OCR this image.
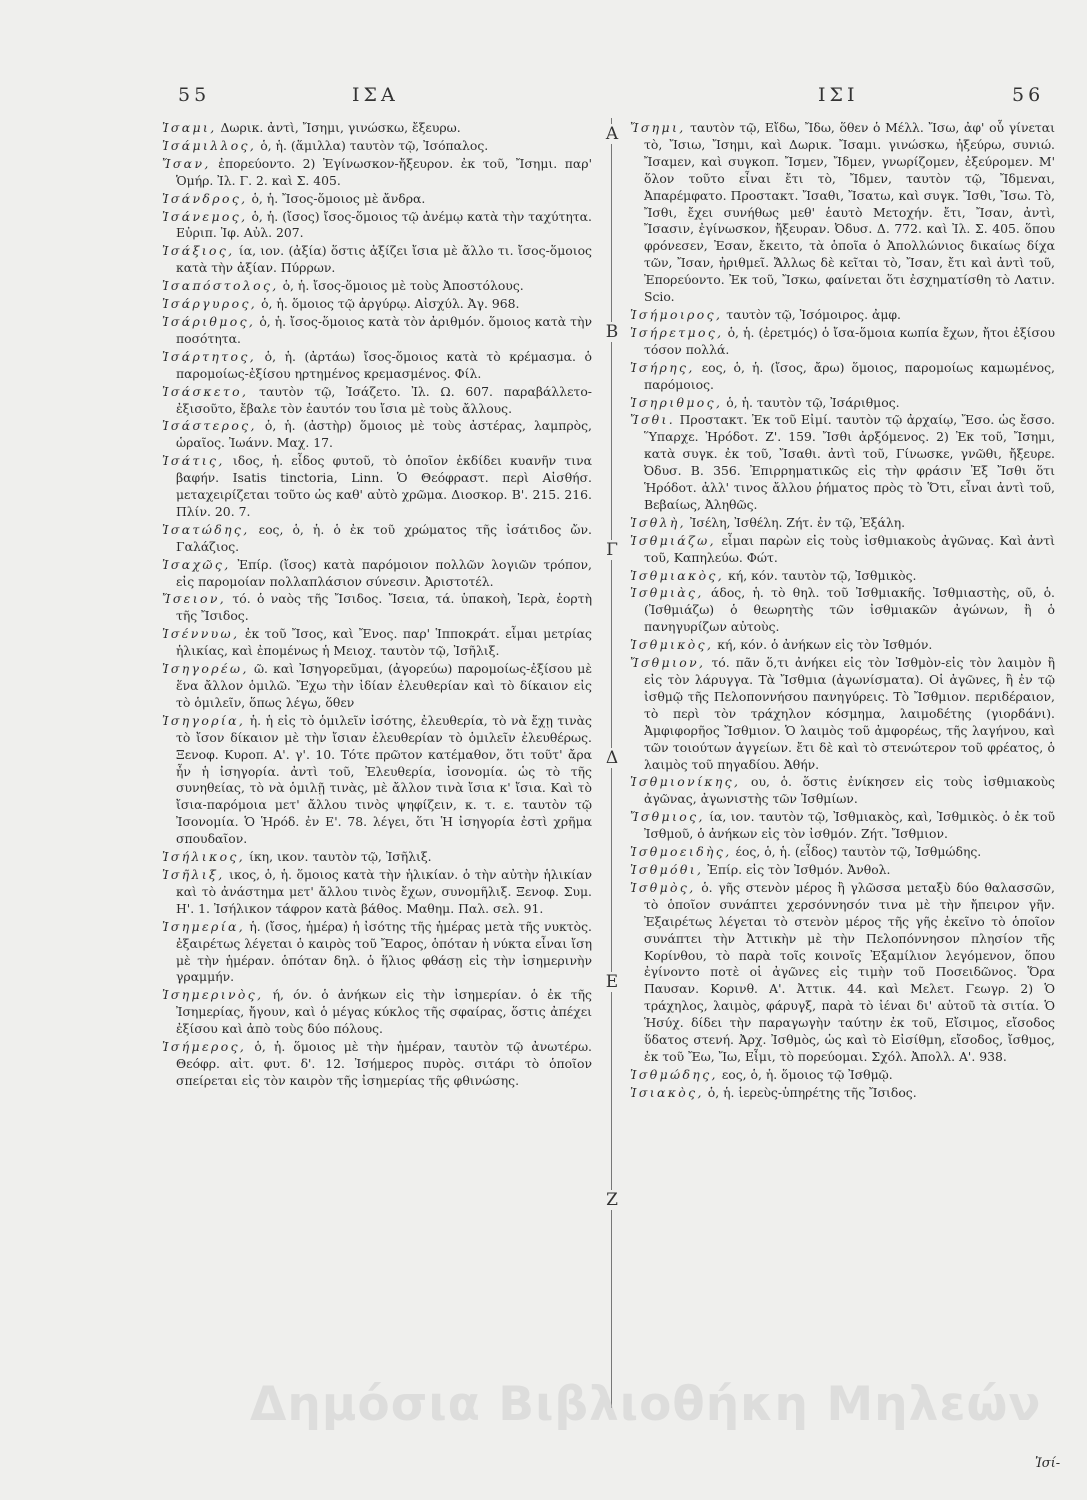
55	ΙΣΑ	ΙΣΙ	56
Α
Β
Γ
Δ
Ε
Ζ

Ἰσαμι, Δωρικ. ἀντὶ, Ἴσημι, γινώσκω, ἔξευρω.

Ἰσάμιλλος, ὁ, ἡ. (ἅμιλλα) ταυτὸν τῷ, Ἰσόπαλος.

Ἴσαν, ἐπορεύοντο. 2) Ἐγίνωσκον-ἤξευρον. ἐκ τοῦ, Ἴσημι. παρ' Ὁμήρ. Ἰλ. Γ. 2. καὶ Σ. 405.

Ἰσάνδρος, ὁ, ἡ. Ἴσος-ὅμοιος μὲ ἄνδρα.

Ἰσάνεμος, ὁ, ἡ. (ἴσος) ἴσος-ὅμοιος τῷ ἀνέμῳ κατὰ τὴν ταχύτητα. Εὐριπ. Ἰφ. Αὐλ. 207.

Ἰσάξιος, ία, ιον. (ἀξία) ὅστις ἀξίζει ἴσια μὲ ἄλλο τι. ἴσος-ὅμοιος κατὰ τὴν ἀξίαν. Πύρρων.

Ἰσαπόστολος, ὁ, ἡ. ἴσος-ὅμοιος μὲ τοὺς Ἀποστόλους.

Ἰσάργυρος, ὁ, ἡ. ὅμοιος τῷ ἀργύρῳ. Αἰσχύλ. Ἀγ. 968.

Ἰσάριθμος, ὁ, ἡ. ἴσος-ὅμοιος κατὰ τὸν ἀριθμόν. ὅμοιος κατὰ τὴν ποσότητα.

Ἰσάρτητος, ὁ, ἡ. (ἀρτάω) ἴσος-ὅμοιος κατὰ τὸ κρέμασμα. ὁ παρομοίως-ἐξίσου ηρτημένος κρεμασμένος. Φίλ.

Ἰσάσκετο, ταυτὸν τῷ, Ἰσάζετο. Ἰλ. Ω. 607. παραβάλλετο-ἐξισοῦτο, ἔβαλε τὸν ἑαυτόν του ἴσια μὲ τοὺς ἄλλους.

Ἰσάστερος, ὁ, ἡ. (ἀστὴρ) ὅμοιος μὲ τοὺς ἀστέρας, λαμπρὸς, ὡραῖος. Ἰωάνν. Μαχ. 17.

Ἰσάτις, ιδος, ἡ. εἶδος φυτοῦ, τὸ ὁποῖον ἐκδίδει κυανῆν τινα βαφήν. Isatis tinctoria, Linn. Ὁ Θεόφραστ. περὶ Αἰσθήσ. μεταχειρίζεται τοῦτο ὡς καθ' αὐτὸ χρῶμα. Διοσκορ. Β'. 215. 216. Πλίν. 20. 7.

Ἰσατώδης, εος, ὁ, ἡ. ὁ ἐκ τοῦ χρώματος τῆς ἰσάτιδος ὤν. Γαλάζιος.

Ἰσαχῶς, Ἐπίρ. (ἴσος) κατὰ παρόμοιον πολλῶν λογιῶν τρόπον, εἰς παρομοίαν πολλαπλάσιον σύνεσιν. Ἀριστοτέλ.

Ἴσειον, τό. ὁ ναὸς τῆς Ἴσιδος. Ἴσεια, τά. ὑπακοὴ, Ἱερὰ, ἑορτὴ τῆς Ἴσιδος.

Ἰσέννυω, ἐκ τοῦ Ἴσος, καὶ Ἔνος. παρ' Ἱπποκράτ. εἶμαι μετρίας ἡλικίας, καὶ ἐπομένως ἡ Μειοχ. ταυτὸν τῷ, Ἰσῆλιξ.

Ἰσηγορέω, ῶ. καὶ Ἰσηγορεῦμαι, (ἀγορεύω) παρομοίως-ἐξίσου μὲ ἕνα ἄλλον ὁμιλῶ. Ἔχω τὴν ἰδίαν ἐλευθερίαν καὶ τὸ δίκαιον εἰς τὸ ὁμιλεῖν, ὅπως λέγω, ὅθεν

Ἰσηγορία, ἡ. ἡ εἰς τὸ ὁμιλεῖν ἰσότης, ἐλευθερία, τὸ νὰ ἔχῃ τινὰς τὸ ἴσον δίκαιον μὲ τὴν ἴσιαν ἐλευθερίαν τὸ ὁμιλεῖν ἐλευθέρως. Ξενοφ. Κυροπ. Α'. γ'. 10. Τότε πρῶτον κατέμαθον, ὅτι τοῦτ' ἄρα ἦν ἡ ἰσηγορία. ἀντὶ τοῦ, Ἐλευθερία, ἰσονομία. ὡς τὸ τῆς συνηθείας, τὸ νὰ ὁμιλῇ τινὰς, μὲ ἄλλον τινὰ ἴσια κ' ἴσια. Καὶ τὸ ἴσια-παρόμοια μετ' ἄλλου τινὸς ψηφίζειν, κ. τ. ε. ταυτὸν τῷ Ἰσονομία. Ὁ Ἡρόδ. ἐν Ε'. 78. λέγει, ὅτι Ἡ ἰσηγορία ἐστὶ χρῆμα σπουδαῖον.

Ἰσήλικος, ίκη, ικον. ταυτὸν τῷ, Ἰσῆλιξ.

Ἰσῆλιξ, ικος, ὁ, ἡ. ὅμοιος κατὰ τὴν ἡλικίαν. ὁ τὴν αὐτὴν ἡλικίαν καὶ τὸ ἀνάστημα μετ' ἄλλου τινὸς ἔχων, συνομῆλιξ. Ξενοφ. Συμ. Η'. 1. Ἰσήλικον τάφρον κατὰ βάθος. Μαθημ. Παλ. σελ. 91.

Ἰσημερία, ἡ. (ἴσος, ἡμέρα) ἡ ἰσότης τῆς ἡμέρας μετὰ τῆς νυκτὸς. ἐξαιρέτως λέγεται ὁ καιρὸς τοῦ Ἔαρος, ὁπόταν ἡ νύκτα εἶναι ἴση μὲ τὴν ἡμέραν. ὁπόταν δηλ. ὁ ἥλιος φθάσῃ εἰς τὴν ἰσημερινὴν γραμμήν.

Ἰσημερινὸς, ή, όν. ὁ ἀνήκων εἰς τὴν ἰσημερίαν. ὁ ἐκ τῆς Ἰσημερίας, ἤγουν, καὶ ὁ μέγας κύκλος τῆς σφαίρας, ὅστις ἀπέχει ἐξίσου καὶ ἀπὸ τοὺς δύο πόλους.

Ἰσήμερος, ὁ, ἡ. ὅμοιος μὲ τὴν ἡμέραν, ταυτὸν τῷ ἀνωτέρω. Θεόφρ. αἰτ. φυτ. δ'. 12. Ἰσήμερος πυρὸς. σιτάρι τὸ ὁποῖον σπείρεται εἰς τὸν καιρὸν τῆς ἰσημερίας τῆς φθινώσης.

Ἴσημι, ταυτὸν τῷ, Εἴδω, Ἴδω, ὅθεν ὁ Μέλλ. Ἴσω, ἀφ' οὗ γίνεται τὸ, Ἴσιω, Ἴσημι, καὶ Δωρικ. Ἴσαμι. γινώσκω, ἠξεύρω, συνιώ. Ἴσαμεν, καὶ συγκοπ. Ἴσμεν, Ἴδμεν, γνωρίζομεν, ἐξεύρομεν. Μ' ὅλον τοῦτο εἶναι ἔτι τὸ, Ἴδμεν, ταυτὸν τῷ, Ἴδμεναι, Ἀπαρέμφατο. Προστακτ. Ἴσαθι, Ἴσατω, καὶ συγκ. Ἴσθι, Ἴσω. Τὸ, Ἴσθι, ἔχει συνήθως μεθ' ἑαυτὸ Μετοχήν. ἔτι, Ἴσαν, ἀντὶ, Ἴσασιν, ἐγίνωσκον, ἤξευραν. Ὀδυσ. Δ. 772. καὶ Ἰλ. Σ. 405. ὅπου φρόνεσεν, Ἐσαν, ἔκειτο, τὰ ὁποῖα ὁ Ἀπολλώνιος δικαίως δίχα τῶν, Ἴσαν, ἠριθμεῖ. Ἄλλως δὲ κεῖται τὸ, Ἴσαν, ἔτι καὶ ἀντὶ τοῦ, Ἐπορεύοντο. Ἐκ τοῦ, Ἴσκω, φαίνεται ὅτι ἐσχηματίσθη τὸ Λατιν. Scio.

Ἰσήμοιρος, ταυτὸν τῷ, Ἰσόμοιρος. ἀμφ.

Ἰσήρετμος, ὁ, ἡ. (ἐρετμός) ὁ ἴσα-ὅμοια κωπία ἔχων, ἤτοι ἐξίσου τόσον πολλά.

Ἰσήρης, εος, ὁ, ἡ. (ἴσος, ἄρω) ὅμοιος, παρομοίως καμωμένος, παρόμοιος.

Ἰσηριθμος, ὁ, ἡ. ταυτὸν τῷ, Ἰσάριθμος.

Ἴσθι. Προστακτ. Ἐκ τοῦ Εἰμί. ταυτὸν τῷ ἀρχαίῳ, Ἔσο. ὡς ἔσσο. Ὕπαρχε. Ἡρόδοτ. Ζ'. 159. Ἴσθι ἀρξόμενος. 2) Ἐκ τοῦ, Ἴσημι, κατὰ συγκ. ἐκ τοῦ, Ἴσαθι. ἀντὶ τοῦ, Γίνωσκε, γνῶθι, ἤξευρε. Ὀδυσ. Β. 356. Ἐπιρρηματικῶς εἰς τὴν φράσιν Ἐξ Ἴσθι ὅτι Ἡρόδοτ. ἀλλ' τινος ἄλλου ῥήματος πρὸς τὸ Ὅτι, εἶναι ἀντὶ τοῦ, Βεβαίως, Ἀληθῶς.

Ἰσθλὴ, Ἰσέλη, Ἰσθέλη. Ζήτ. ἐν τῷ, Ἐξάλη.

Ἰσθμιάζω, εἶμαι παρὼν εἰς τοὺς ἰσθμιακοὺς ἀγῶνας. Καὶ ἀντὶ τοῦ, Καπηλεύω. Φώτ.

Ἰσθμιακὸς, κή, κόν. ταυτὸν τῷ, Ἰσθμικὸς.

Ἰσθμιὰς, άδος, ἡ. τὸ θηλ. τοῦ Ἰσθμιακῆς. Ἰσθμιαστὴς, οῦ, ὁ. (Ἰσθμιάζω) ὁ θεωρητὴς τῶν ἰσθμιακῶν ἀγώνων, ἢ ὁ πανηγυρίζων αὐτοὺς.

Ἰσθμικὸς, κή, κόν. ὁ ἀνήκων εἰς τὸν Ἰσθμόν.

Ἴσθμιον, τό. πᾶν ὅ,τι ἀνήκει εἰς τὸν Ἰσθμὸν-εἰς τὸν λαιμὸν ἢ εἰς τὸν λάρυγγα. Τὰ Ἴσθμια (ἀγωνίσματα). Οἱ ἀγῶνες, ἢ ἐν τῷ ἰσθμῷ τῆς Πελοποννήσου πανηγύρεις. Τὸ Ἴσθμιον. περιδέραιον, τὸ περὶ τὸν τράχηλον κόσμημα, λαιμοδέτης (γιορδάνι). Ἀμφιφορῆος Ἴσθμιον. Ὁ λαιμὸς τοῦ ἀμφορέως, τῆς λαγήνου, καὶ τῶν τοιούτων ἀγγείων. ἔτι δὲ καὶ τὸ στενώτερον τοῦ φρέατος, ὁ λαιμὸς τοῦ πηγαδίου. Ἀθήν.

Ἰσθμιονίκης, ου, ὁ. ὅστις ἐνίκησεν εἰς τοὺς ἰσθμιακοὺς ἀγῶνας, ἀγωνιστὴς τῶν Ἰσθμίων.

Ἴσθμιος, ία, ιον. ταυτὸν τῷ, Ἰσθμιακὸς, καὶ, Ἰσθμικὸς. ὁ ἐκ τοῦ Ἰσθμοῦ, ὁ ἀνήκων εἰς τὸν ἰσθμόν. Ζήτ. Ἴσθμιον.

Ἰσθμοειδὴς, έος, ὁ, ἡ. (εἶδος) ταυτὸν τῷ, Ἰσθμώδης.

Ἰσθμόθι, Ἐπίρ. εἰς τὸν Ἰσθμόν. Ἀνθολ.

Ἰσθμὸς, ὁ. γῆς στενὸν μέρος ἢ γλῶσσα μεταξὺ δύο θαλασσῶν, τὸ ὁποῖον συνάπτει χερσόννησόν τινα μὲ τὴν ἤπειρον γῆν. Ἐξαιρέτως λέγεται τὸ στενὸν μέρος τῆς γῆς ἐκεῖνο τὸ ὁποῖον συνάπτει τὴν Ἀττικὴν μὲ τὴν Πελοπόννησον πλησίον τῆς Κορίνθου, τὸ παρὰ τοῖς κοινοῖς Ἐξαμίλιον λεγόμενον, ὅπου ἐγίνοντο ποτὲ οἱ ἀγῶνες εἰς τιμὴν τοῦ Ποσειδῶνος. Ὅρα Παυσαν. Κορινθ. Α'. Ἀττικ. 44. καὶ Μελετ. Γεωγρ. 2) Ὁ τράχηλος, λαιμὸς, φάρυγξ, παρὰ τὸ ἰέναι δι' αὐτοῦ τὰ σιτία. Ὁ Ἡσύχ. δίδει τὴν παραγωγὴν ταύτην ἐκ τοῦ, Εἴσιμος, εἴσοδος ὕδατος στενή. Ἀρχ. Ἰσθμὸς, ὡς καὶ τὸ Εἰσίθμη, εἴσοδος, ἴσθμος, ἐκ τοῦ Ἔω, Ἴω, Εἶμι, τὸ πορεύομαι. Σχόλ. Ἀπολλ. Α'. 938.

Ἰσθμώδης, εος, ὁ, ἡ. ὅμοιος τῷ Ἰσθμῷ.

Ἰσιακὸς, ὁ, ἡ. ἱερεὺς-ὑπηρέτης τῆς Ἴσιδος.

Ἰσί-
Δημόσια Βιβλιοθήκη Μηλεών
